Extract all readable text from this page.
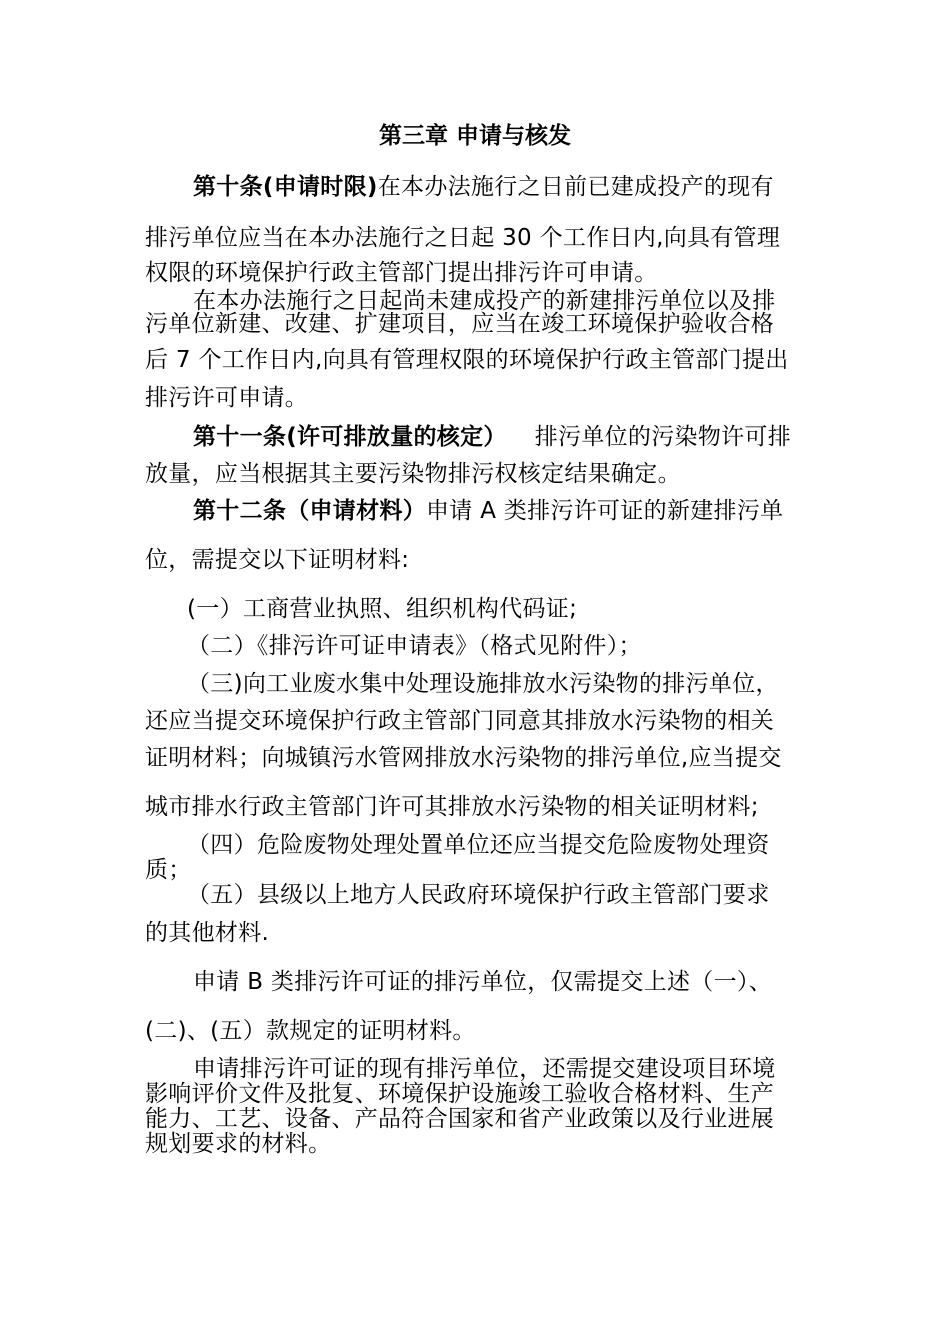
第三章 申请与核发
第十条(申请时限)在本办法施行之日前已建成投产的现有
排污单位应当在本办法施行之日起 30 个工作日内,向具有管理
权限的环境保护行政主管部门提出排污许可申请。
在本办法施行之日起尚未建成投产的新建排污单位以及排
污单位新建、改建、扩建项目，应当在竣工环境保护验收合格
后 7 个工作日内,向具有管理权限的环境保护行政主管部门提出
排污许可申请。
第十一条(许可排放量的核定） 排污单位的污染物许可排
放量，应当根据其主要污染物排污权核定结果确定。
第十二条（申请材料）申请 A 类排污许可证的新建排污单
位，需提交以下证明材料:
(一）工商营业执照、组织机构代码证;
（二）《排污许可证申请表》（格式见附件）；
（三)向工业废水集中处理设施排放水污染物的排污单位，
还应当提交环境保护行政主管部门同意其排放水污染物的相关
证明材料；向城镇污水管网排放水污染物的排污单位,应当提交
城市排水行政主管部门许可其排放水污染物的相关证明材料;
（四）危险废物处理处置单位还应当提交危险废物处理资
质；
（五）县级以上地方人民政府环境保护行政主管部门要求
的其他材料.
申请 B 类排污许可证的排污单位，仅需提交上述（一）、
(二)、(五）款规定的证明材料。
申请排污许可证的现有排污单位，还需提交建设项目环境
影响评价文件及批复、环境保护设施竣工验收合格材料、生产
能力、工艺、设备、产品符合国家和省产业政策以及行业进展
规划要求的材料。
